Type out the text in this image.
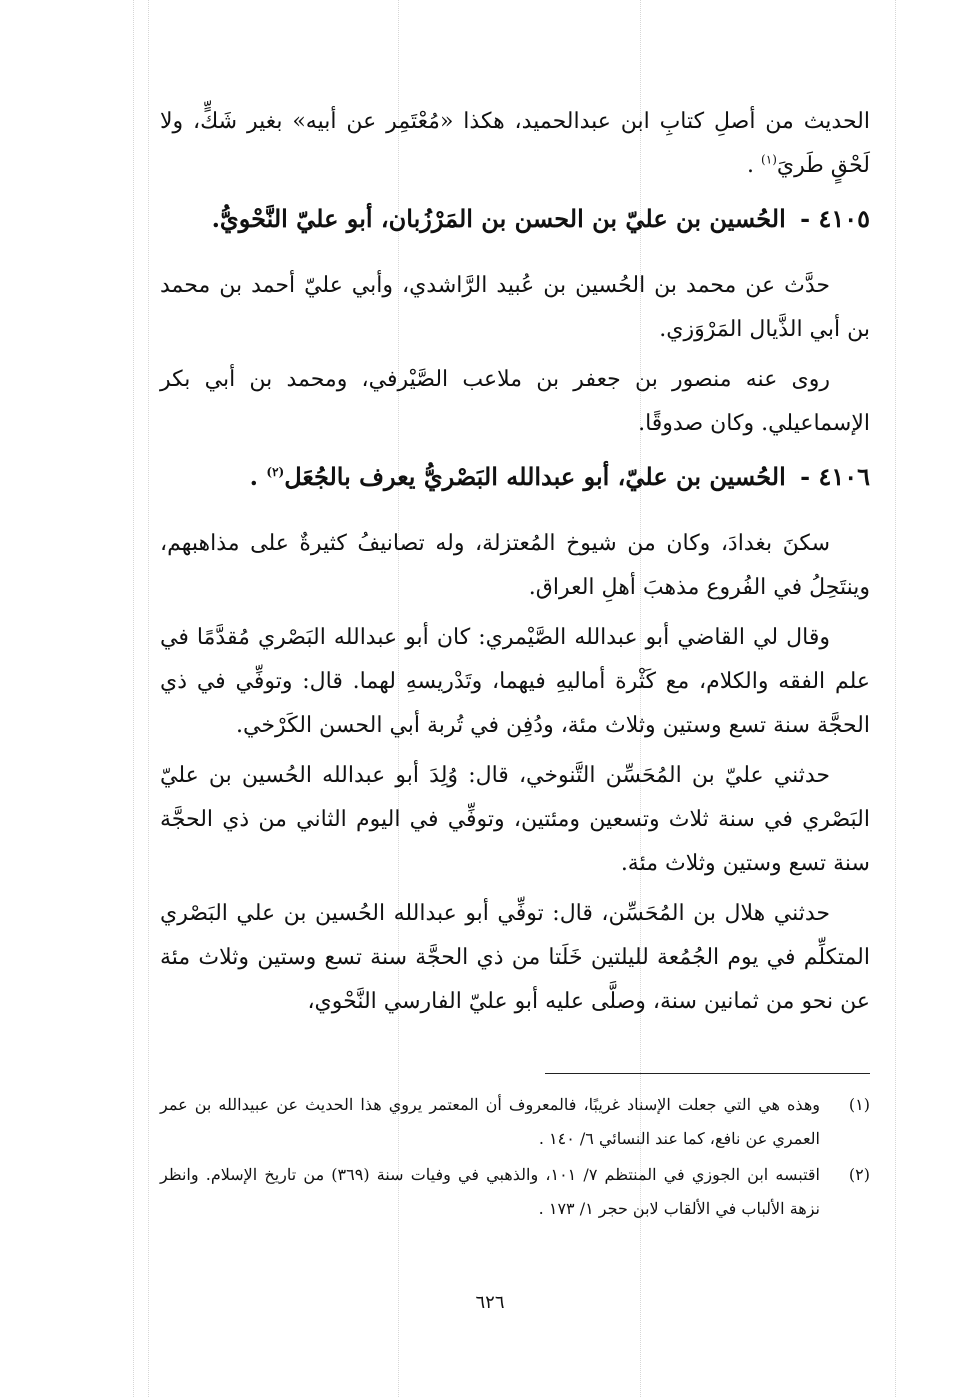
الحديث من أصلِ كتابِ ابن عبدالحميد، هكذا «مُعْتَمِر عن أبيه» بغير شَكٍّ، ولا لَحْقٍ طَريَ$^{(١)}$ .

٤١٠٥ - الحُسين بن عليّ بن الحسن بن المَرْزُبان، أبو عليّ النَّحْويُّ.

حدَّث عن محمد بن الحُسين بن عُبيد الرَّاشدي، وأبي عليّ أحمد بن محمد بن أبي الذَّيال المَرْوَزي.

روى عنه منصور بن جعفر بن ملاعب الصَّيْرفي، ومحمد بن أبي بكر الإسماعيلي. وكان صدوقًا.

٤١٠٦ - الحُسين بن عليّ، أبو عبدالله البَصْريُّ يعرف بالجُعَل$^{(٢)}$ .

سكنَ بغدادَ، وكان من شيوخ المُعتزلة، وله تصانيفُ كثيرةٌ على مذاهبهم، وينتَحِلُ في الفُروع مذهبَ أهلِ العراق.

وقال لي القاضي أبو عبدالله الصَّيْمري: كان أبو عبدالله البَصْري مُقدَّمًا في علم الفقه والكلام، مع كَثْرة أماليهِ فيهما، وتَدْريسهِ لهما. قال: وتوفِّي في ذي الحجَّة سنة تسع وستين وثلاث مئة، ودُفِن في تُربة أبي الحسن الكَرْخي.

حدثني عليّ بن المُحَسِّن التَّنوخي، قال: وُلِدَ أبو عبدالله الحُسين بن عليّ البَصْري في سنة ثلاث وتسعين ومئتين، وتوفِّي في اليوم الثاني من ذي الحجَّة سنة تسع وستين وثلاث مئة.

حدثني هلال بن المُحَسِّن، قال: توفِّي أبو عبدالله الحُسين بن علي البَصْري المتكلِّم في يوم الجُمُعة لليلتين خَلَتا من ذي الحجَّة سنة تسع وستين وثلاث مئة عن نحو من ثمانين سنة، وصلَّى عليه أبو عليّ الفارسي النَّحْوي،

(١)
وهذه هي التي جعلت الإسناد غريبًا، فالمعروف أن المعتمر يروي هذا الحديث عن عبيدالله بن عمر العمري عن نافع، كما عند النسائي ٦/ ١٤٠ .
(٢)
اقتبسه ابن الجوزي في المنتظم ٧/ ١٠١، والذهبي في وفيات سنة (٣٦٩) من تاريخ الإسلام. وانظر نزهة الألباب في الألقاب لابن حجر ١/ ١٧٣ .
٦٢٦
